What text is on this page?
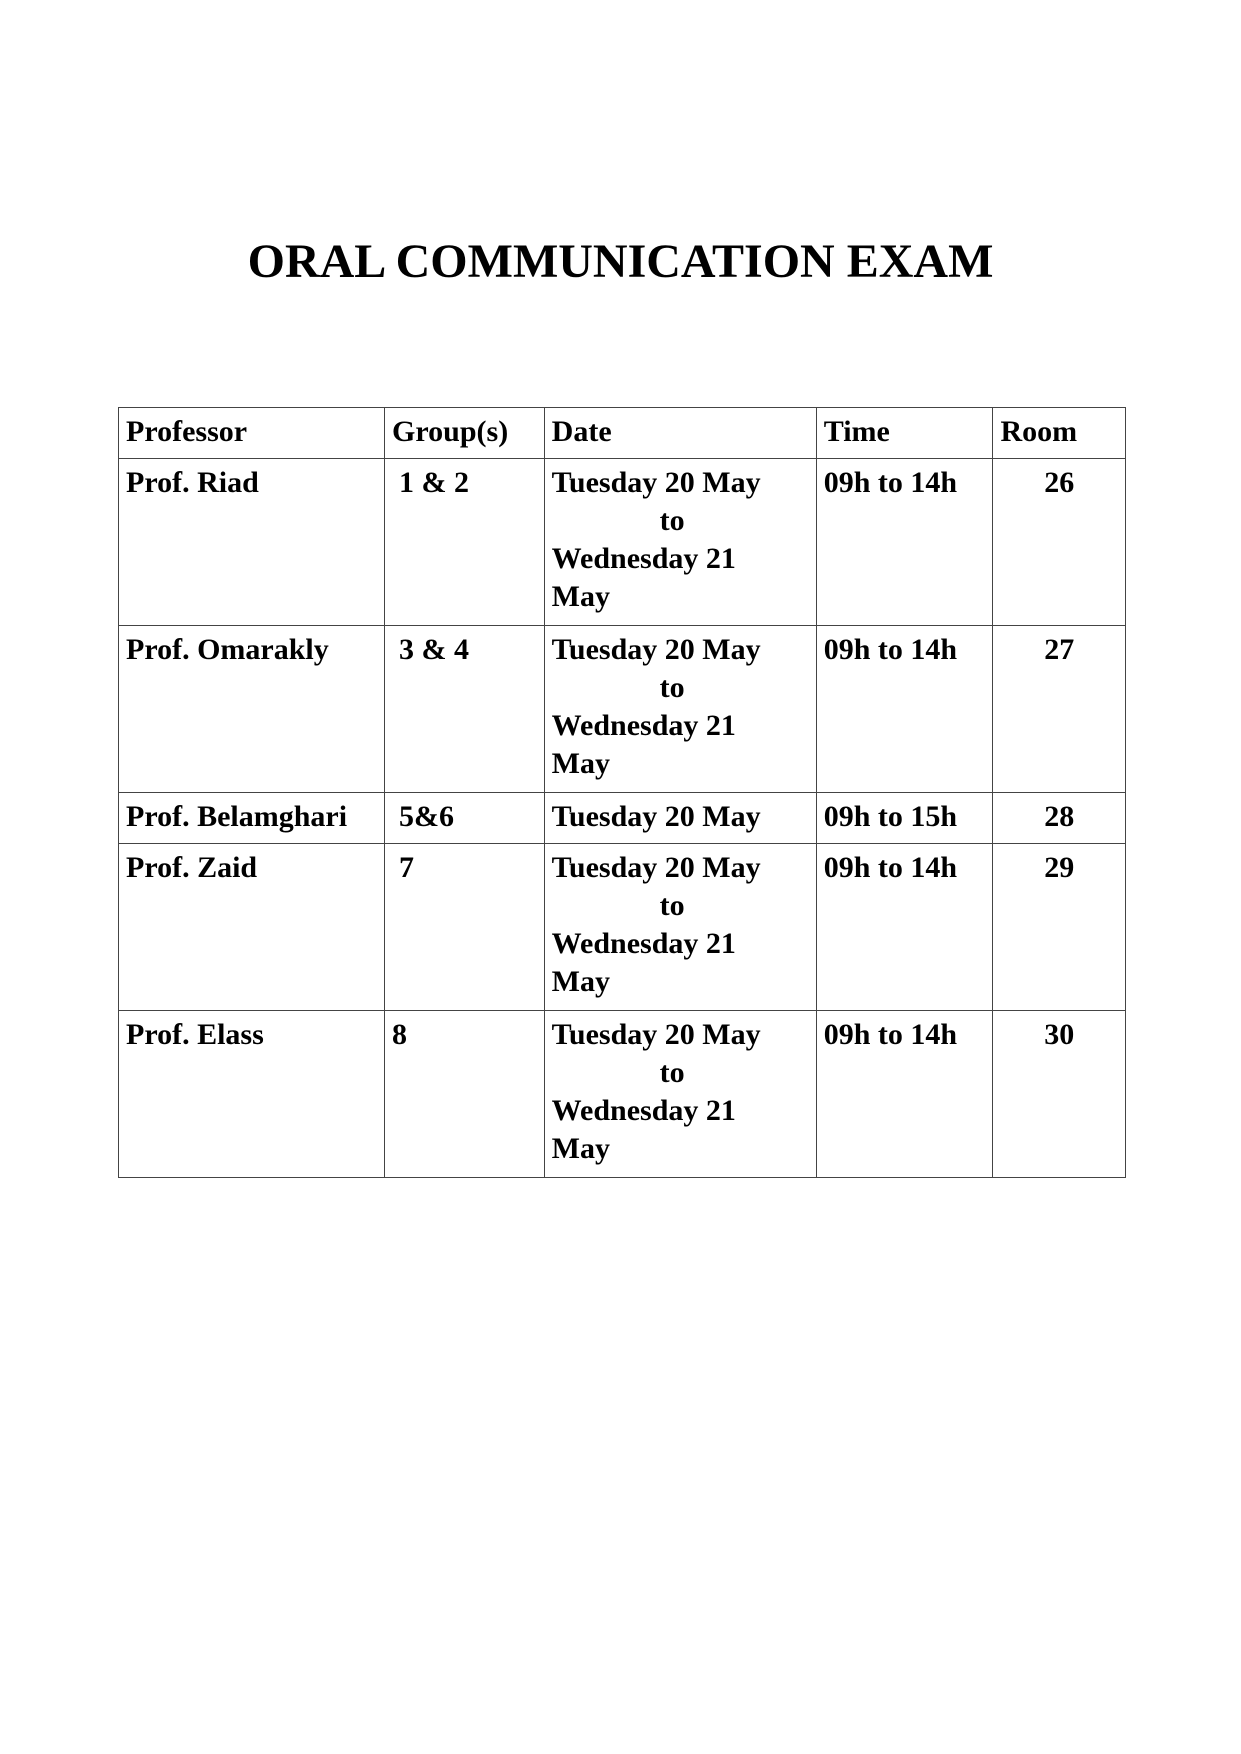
ORAL COMMUNICATION EXAM
Professor	Group(s)	Date	Time	Room
Prof. Riad	1 & 2	Tuesday 20 May
to
Wednesday 21
May	09h to 14h	26
Prof. Omarakly	3 & 4	Tuesday 20 May
to
Wednesday 21
May	09h to 14h	27
Prof. Belamghari	5&6	Tuesday 20 May	09h to 15h	28
Prof. Zaid	7	Tuesday 20 May
to
Wednesday 21
May	09h to 14h	29
Prof. Elass	8	Tuesday 20 May
to
Wednesday 21
May	09h to 14h	30
